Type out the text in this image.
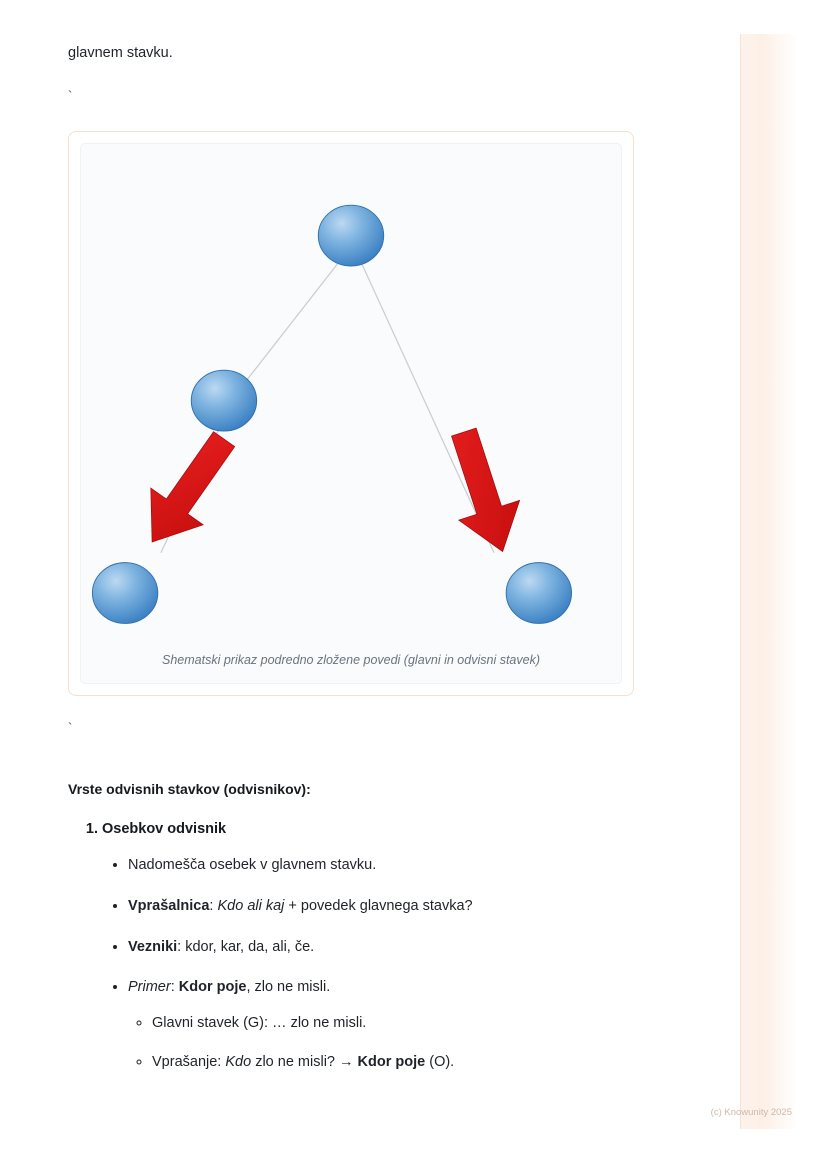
glavnem stavku.
`
Shematski prikaz podredno zložene povedi (glavni in odvisni stavek)
`
Vrste odvisnih stavkov (odvisnikov):
1. Osebkov odvisnik
• Nadomešča osebek v glavnem stavku.
• Vprašalnica: Kdo ali kaj + povedek glavnega stavka?
• Vezniki: kdor, kar, da, ali, če.
• Primer: Kdor poje, zlo ne misli.
◦ Glavni stavek (G): … zlo ne misli.
◦ Vprašanje: Kdo zlo ne misli? → Kdor poje (O).
(c) Knowunity 2025
